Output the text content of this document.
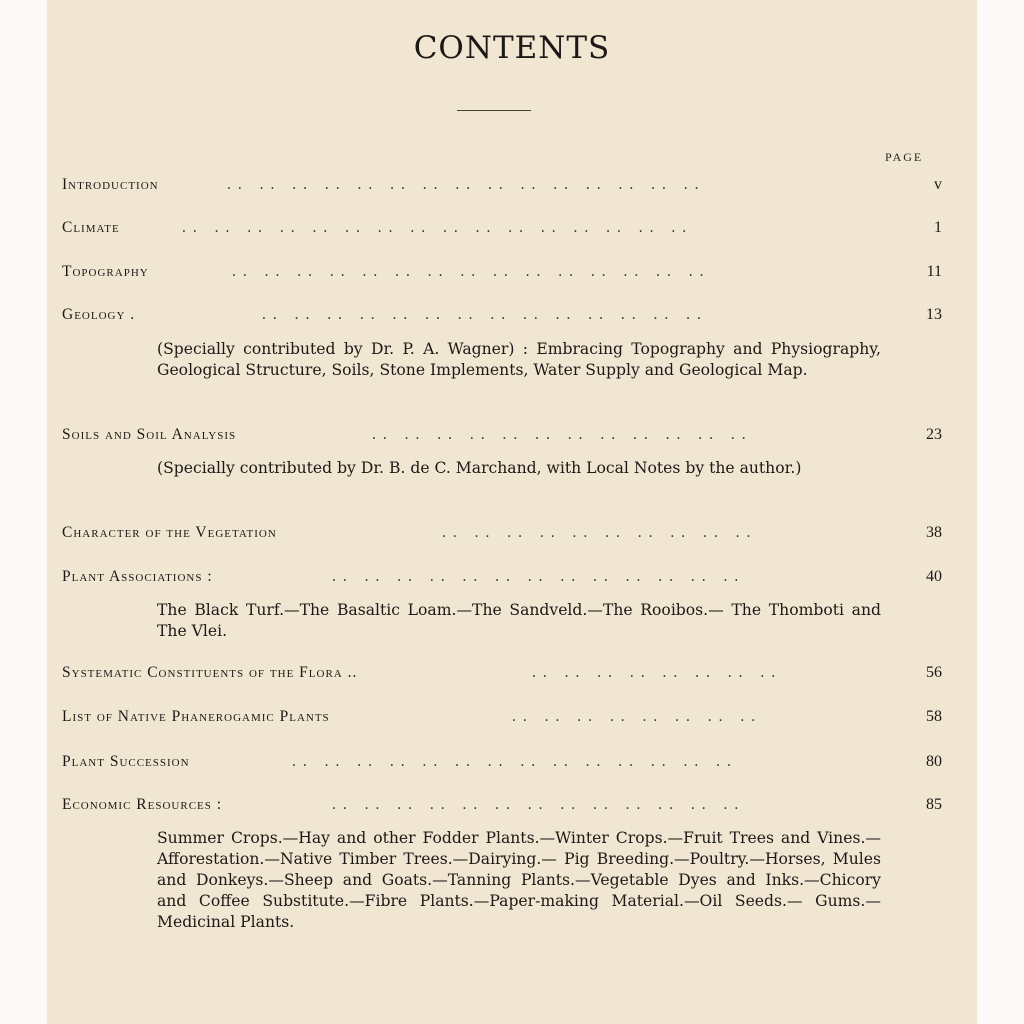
CONTENTS
PAGE
Introduction	.. .. .. .. .. .. .. .. .. .. .. .. .. .. ..	v
Climate	.. .. .. .. .. .. .. .. .. .. .. .. .. .. .. ..	1
Topography	.. .. .. .. .. .. .. .. .. .. .. .. .. .. ..	11
Geology .	.. .. .. .. .. .. .. .. .. .. .. .. .. ..	13
(Specially contributed by Dr. P. A. Wagner) : Embracing Topography and Physiography, Geological Structure, Soils, Stone Implements, Water Supply and Geological Map.
Soils and Soil Analysis	.. .. .. .. .. .. .. .. .. .. .. ..	23
(Specially contributed by Dr. B. de C. Marchand, with Local Notes by the author.)
Character of the Vegetation	.. .. .. .. .. .. .. .. .. ..	38
Plant Associations :	.. .. .. .. .. .. .. .. .. .. .. .. ..	40
The Black Turf.—The Basaltic Loam.—The Sandveld.—The Rooibos.— The Thomboti and The Vlei.
Systematic Constituents of the Flora ..	.. .. .. .. .. .. .. ..	56
List of Native Phanerogamic Plants	.. .. .. .. .. .. .. ..	58
Plant Succession	.. .. .. .. .. .. .. .. .. .. .. .. .. ..	80
Economic Resources :	.. .. .. .. .. .. .. .. .. .. .. .. ..	85
Summer Crops.—Hay and other Fodder Plants.—Winter Crops.—Fruit Trees and Vines.—Afforestation.—Native Timber Trees.—Dairying.— Pig Breeding.—Poultry.—Horses, Mules and Donkeys.—Sheep and Goats.—Tanning Plants.—Vegetable Dyes and Inks.—Chicory and Coffee Substitute.—Fibre Plants.—Paper-making Material.—Oil Seeds.— Gums.—Medicinal Plants.
